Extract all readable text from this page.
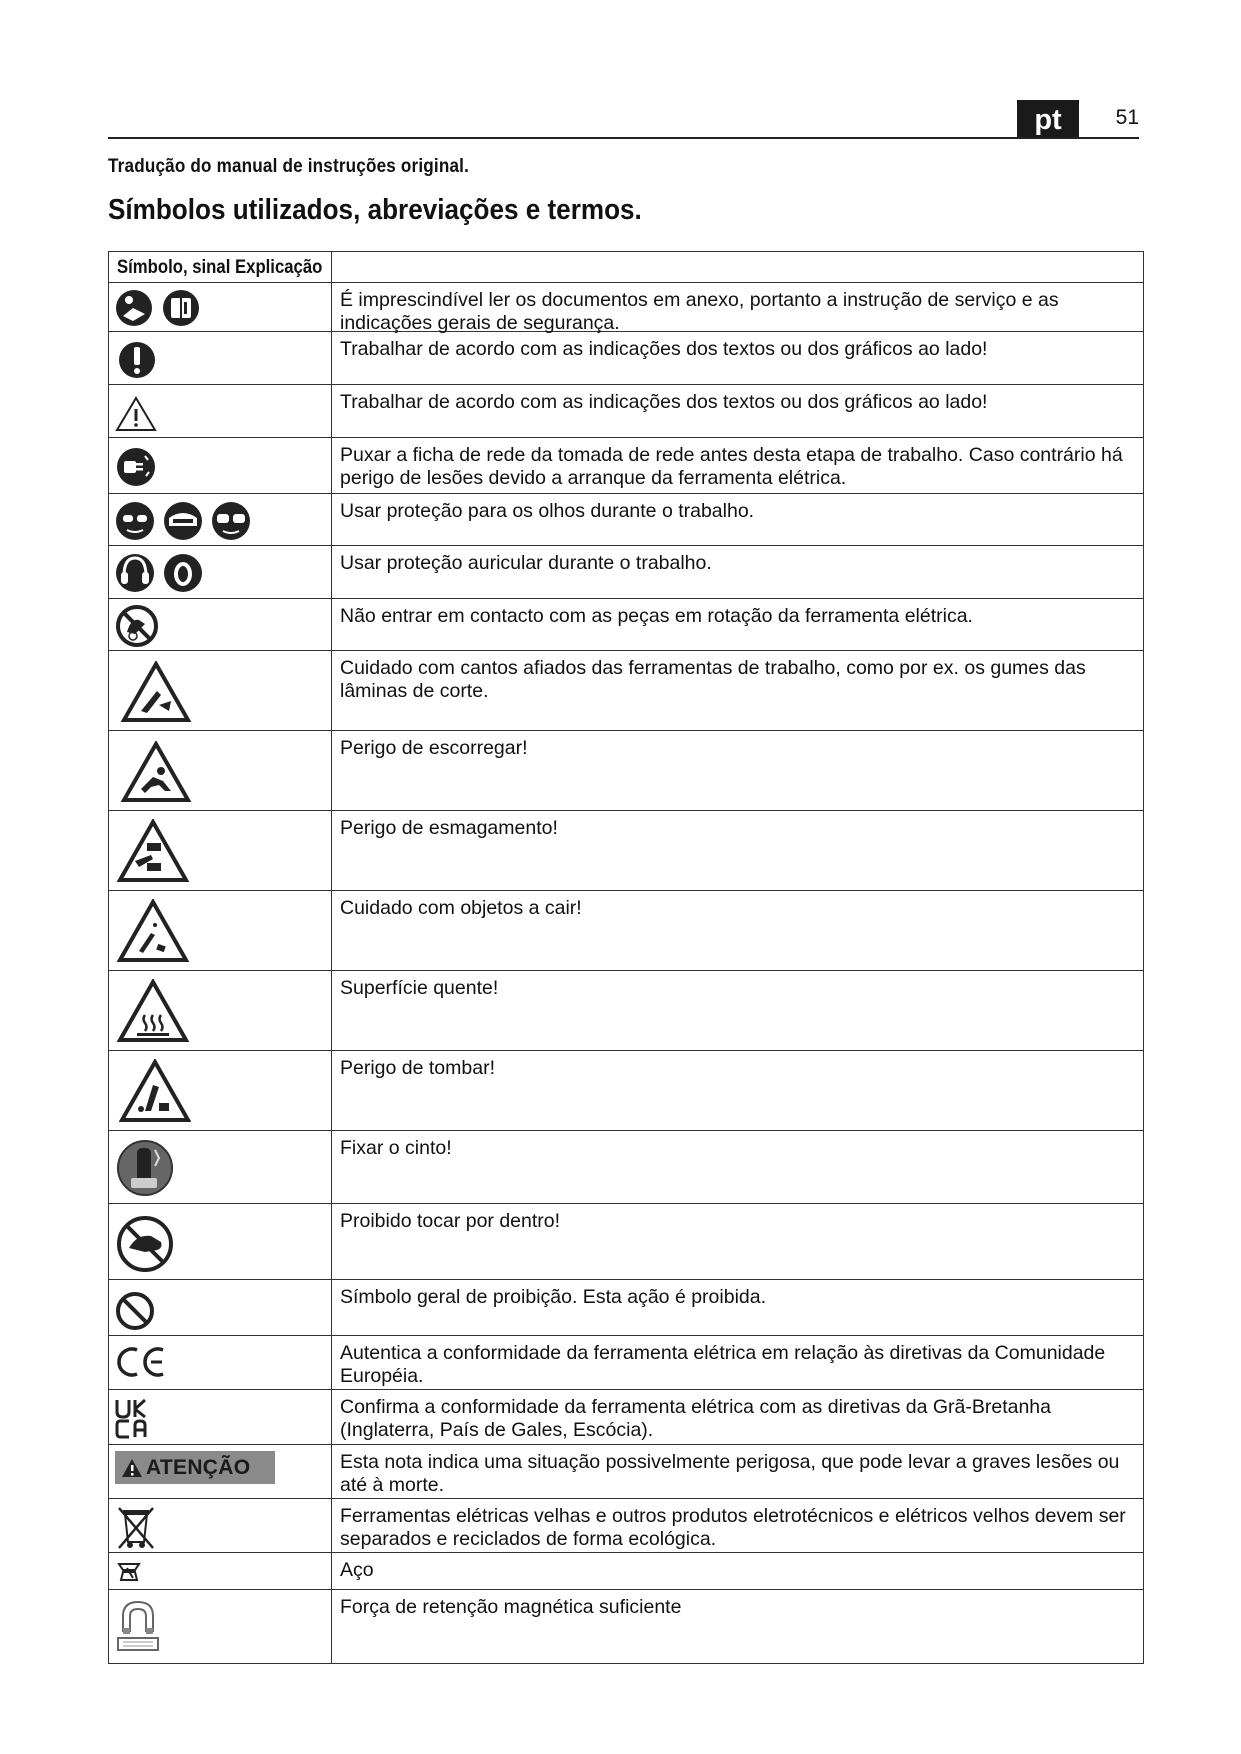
pt	51
Tradução do manual de instruções original.
Símbolos utilizados, abreviações e termos.
Símbolo, sinal Explicação
É imprescindível ler os documentos em anexo, portanto a instrução de serviço e as indicações gerais de segurança.
Trabalhar de acordo com as indicações dos textos ou dos gráficos ao lado!
Trabalhar de acordo com as indicações dos textos ou dos gráficos ao lado!
Puxar a ficha de rede da tomada de rede antes desta etapa de trabalho. Caso contrário há perigo de lesões devido a arranque da ferramenta elétrica.
Usar proteção para os olhos durante o trabalho.
Usar proteção auricular durante o trabalho.
Não entrar em contacto com as peças em rotação da ferramenta elétrica.
Cuidado com cantos afiados das ferramentas de trabalho, como por ex. os gumes das lâminas de corte.
Perigo de escorregar!
Perigo de esmagamento!
Cuidado com objetos a cair!
Superfície quente!
Perigo de tombar!
Fixar o cinto!
Proibido tocar por dentro!
Símbolo geral de proibição. Esta ação é proibida.
Autentica a conformidade da ferramenta elétrica em relação às diretivas da Comunidade Européia.
Confirma a conformidade da ferramenta elétrica com as diretivas da Grã-Bretanha (Inglaterra, País de Gales, Escócia).
ATENÇÃO	Esta nota indica uma situação possivelmente perigosa, que pode levar a graves lesões ou até à morte.
Ferramentas elétricas velhas e outros produtos eletrotécnicos e elétricos velhos devem ser separados e reciclados de forma ecológica.
Aço
Força de retenção magnética suficiente
